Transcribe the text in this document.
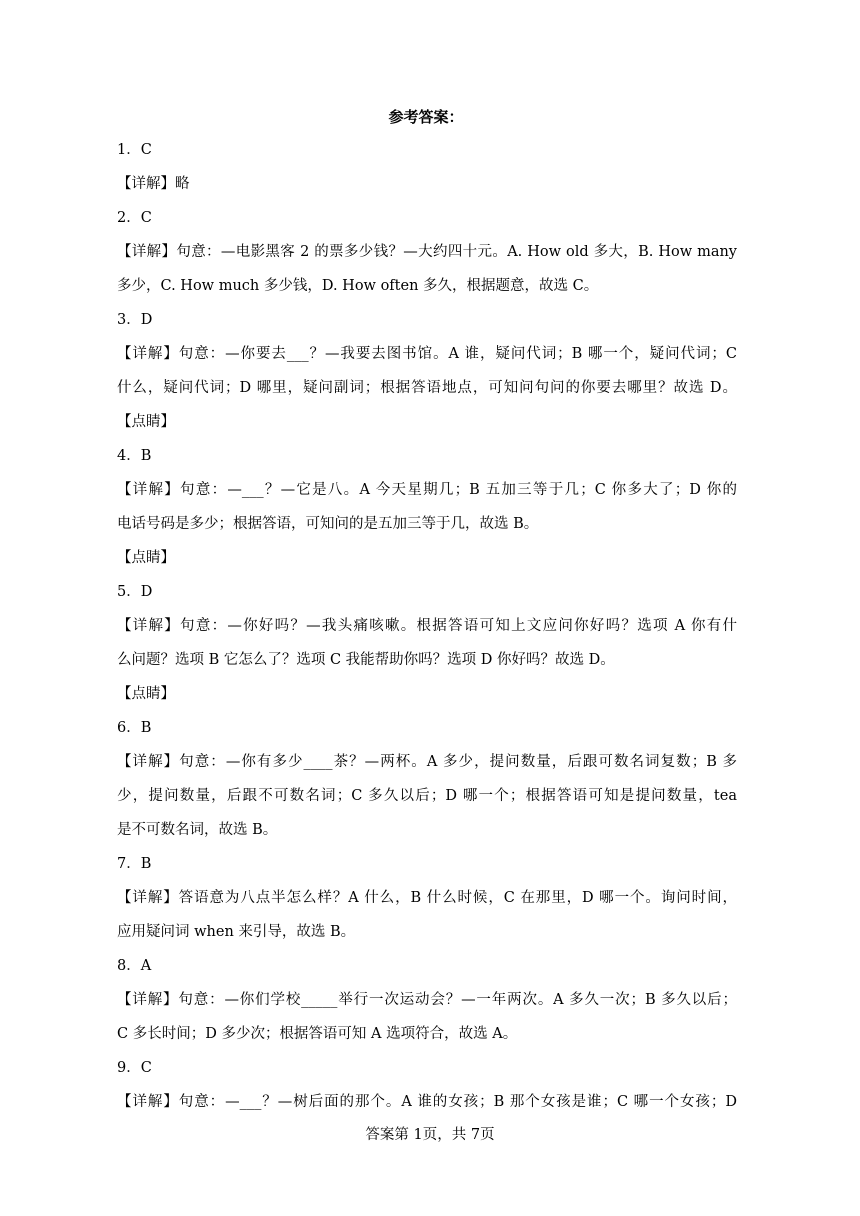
参考答案：
1．C
【详解】略
2．C
【详解】句意：—电影黑客 2 的票多少钱？—大约四十元。A. How old 多大，B. How many
多少，C. How much 多少钱，D. How often 多久，根据题意，故选 C。
3．D
【详解】句意：—你要去___？—我要去图书馆。A 谁，疑问代词；B 哪一个，疑问代词；C
什么，疑问代词；D 哪里，疑问副词；根据答语地点，可知问句问的你要去哪里？故选 D。
【点睛】
4．B
【详解】句意：—___？—它是八。A 今天星期几；B 五加三等于几；C 你多大了；D 你的
电话号码是多少；根据答语，可知问的是五加三等于几，故选 B。
【点睛】
5．D
【详解】句意：—你好吗？—我头痛咳嗽。根据答语可知上文应问你好吗？选项 A 你有什
么问题？选项 B 它怎么了？选项 C 我能帮助你吗？选项 D 你好吗？故选 D。
【点睛】
6．B
【详解】句意：—你有多少____茶？—两杯。A 多少，提问数量，后跟可数名词复数；B 多
少，提问数量，后跟不可数名词；C 多久以后；D 哪一个；根据答语可知是提问数量，tea
是不可数名词，故选 B。
7．B
【详解】答语意为八点半怎么样？A 什么，B 什么时候，C 在那里，D 哪一个。询问时间，
应用疑问词 when 来引导，故选 B。
8．A
【详解】句意：—你们学校_____举行一次运动会？—一年两次。A 多久一次；B 多久以后；
C 多长时间；D 多少次；根据答语可知 A 选项符合，故选 A。
9．C
【详解】句意：—___？—树后面的那个。A 谁的女孩；B 那个女孩是谁；C 哪一个女孩；D
答案第 1页，共 7页
